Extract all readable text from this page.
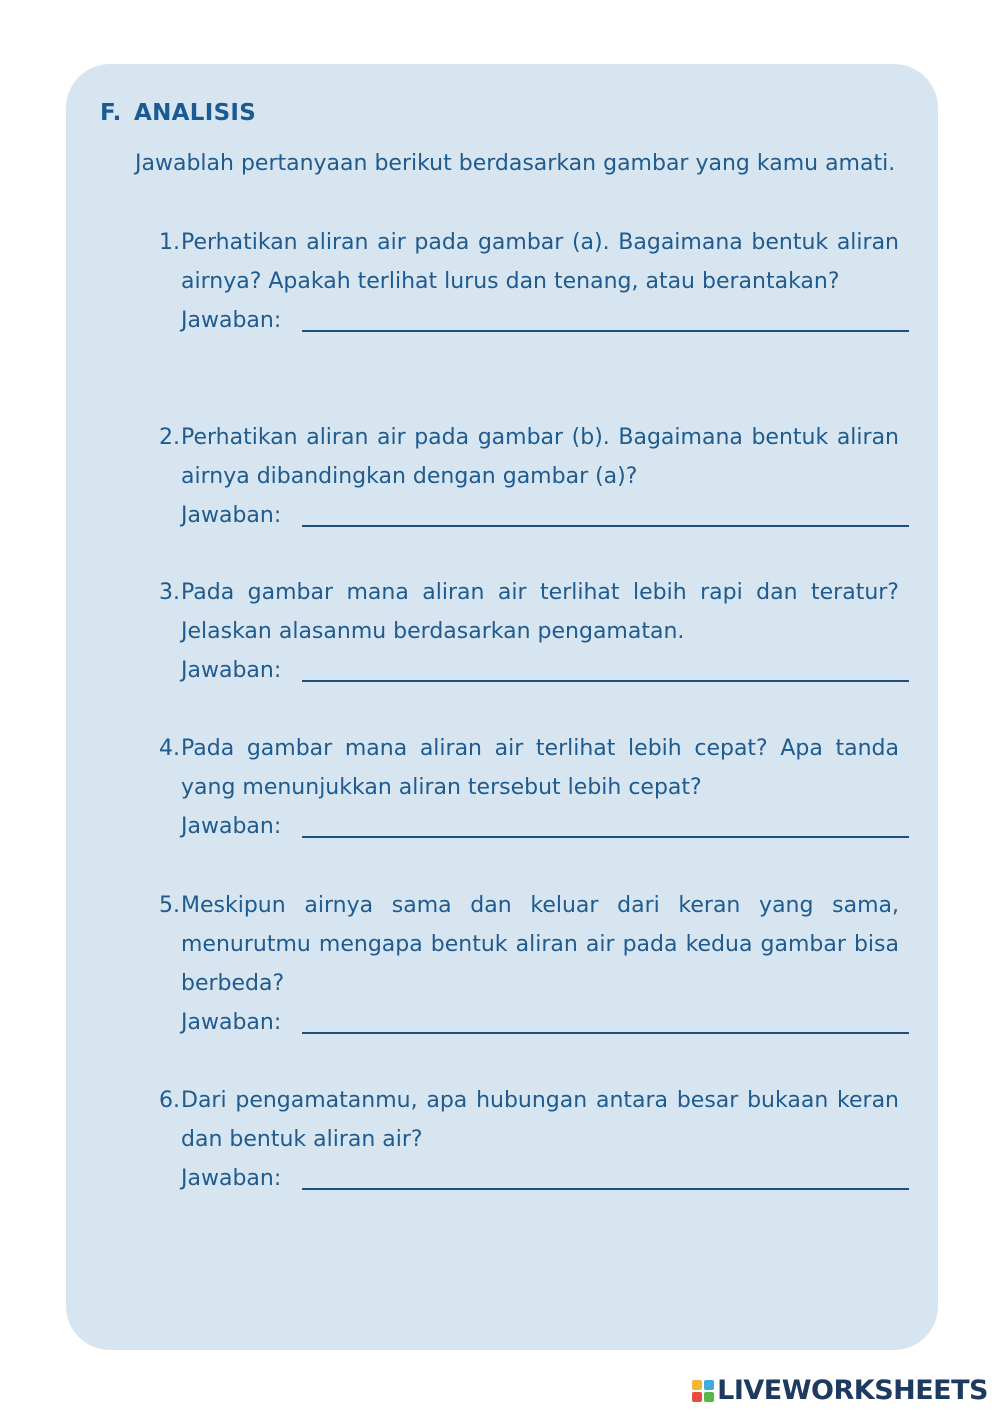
F. ANALISIS
Jawablah pertanyaan berikut berdasarkan gambar yang kamu amati.
1. Perhatikan aliran air pada gambar (a). Bagaimana bentuk aliran airnya? Apakah terlihat lurus dan tenang, atau berantakan?
Jawaban:
2. Perhatikan aliran air pada gambar (b). Bagaimana bentuk aliran airnya dibandingkan dengan gambar (a)?
Jawaban:
3. Pada gambar mana aliran air terlihat lebih rapi dan teratur? Jelaskan alasanmu berdasarkan pengamatan.
Jawaban:
4. Pada gambar mana aliran air terlihat lebih cepat? Apa tanda yang menunjukkan aliran tersebut lebih cepat?
Jawaban:
5. Meskipun airnya sama dan keluar dari keran yang sama, menurutmu mengapa bentuk aliran air pada kedua gambar bisa berbeda?
Jawaban:
6. Dari pengamatanmu, apa hubungan antara besar bukaan keran dan bentuk aliran air?
Jawaban:
LIVEWORKSHEETS
